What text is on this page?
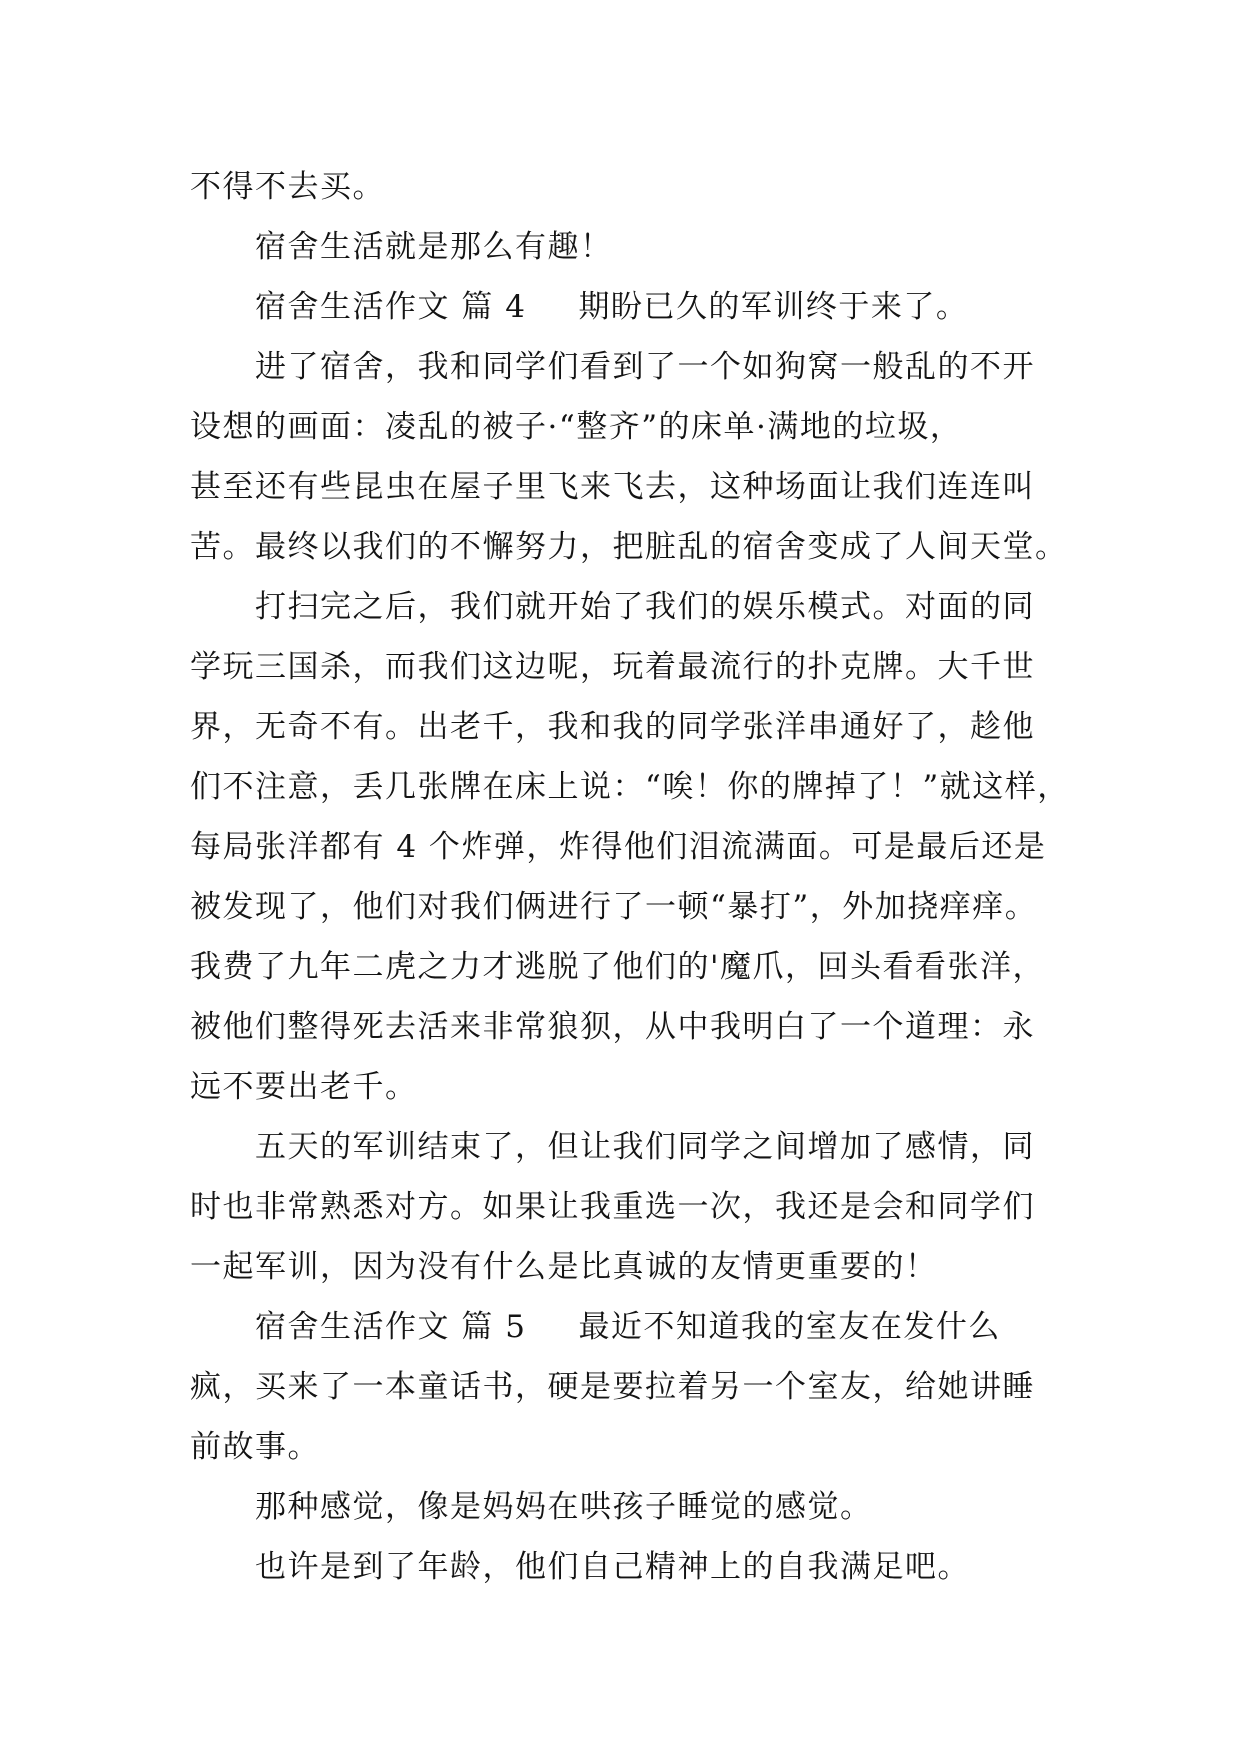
不得不去买。
宿舍生活就是那么有趣！
宿舍生活作文 篇 4 期盼已久的军训终于来了。
进了宿舍，我和同学们看到了一个如狗窝一般乱的不开
设想的画面：凌乱的被子·“整齐”的床单·满地的垃圾，
甚至还有些昆虫在屋子里飞来飞去，这种场面让我们连连叫
苦。最终以我们的不懈努力，把脏乱的宿舍变成了人间天堂。
打扫完之后，我们就开始了我们的娱乐模式。对面的同
学玩三国杀，而我们这边呢，玩着最流行的扑克牌。大千世
界，无奇不有。出老千，我和我的同学张洋串通好了，趁他
们不注意，丢几张牌在床上说：“唉！你的牌掉了！”就这样，
每局张洋都有 4 个炸弹，炸得他们泪流满面。可是最后还是
被发现了，他们对我们俩进行了一顿“暴打”，外加挠痒痒。
我费了九年二虎之力才逃脱了他们的'魔爪，回头看看张洋，
被他们整得死去活来非常狼狈，从中我明白了一个道理：永
远不要出老千。
五天的军训结束了，但让我们同学之间增加了感情，同
时也非常熟悉对方。如果让我重选一次，我还是会和同学们
一起军训，因为没有什么是比真诚的友情更重要的！
宿舍生活作文 篇 5 最近不知道我的室友在发什么
疯，买来了一本童话书，硬是要拉着另一个室友，给她讲睡
前故事。
那种感觉，像是妈妈在哄孩子睡觉的感觉。
也许是到了年龄，他们自己精神上的自我满足吧。
